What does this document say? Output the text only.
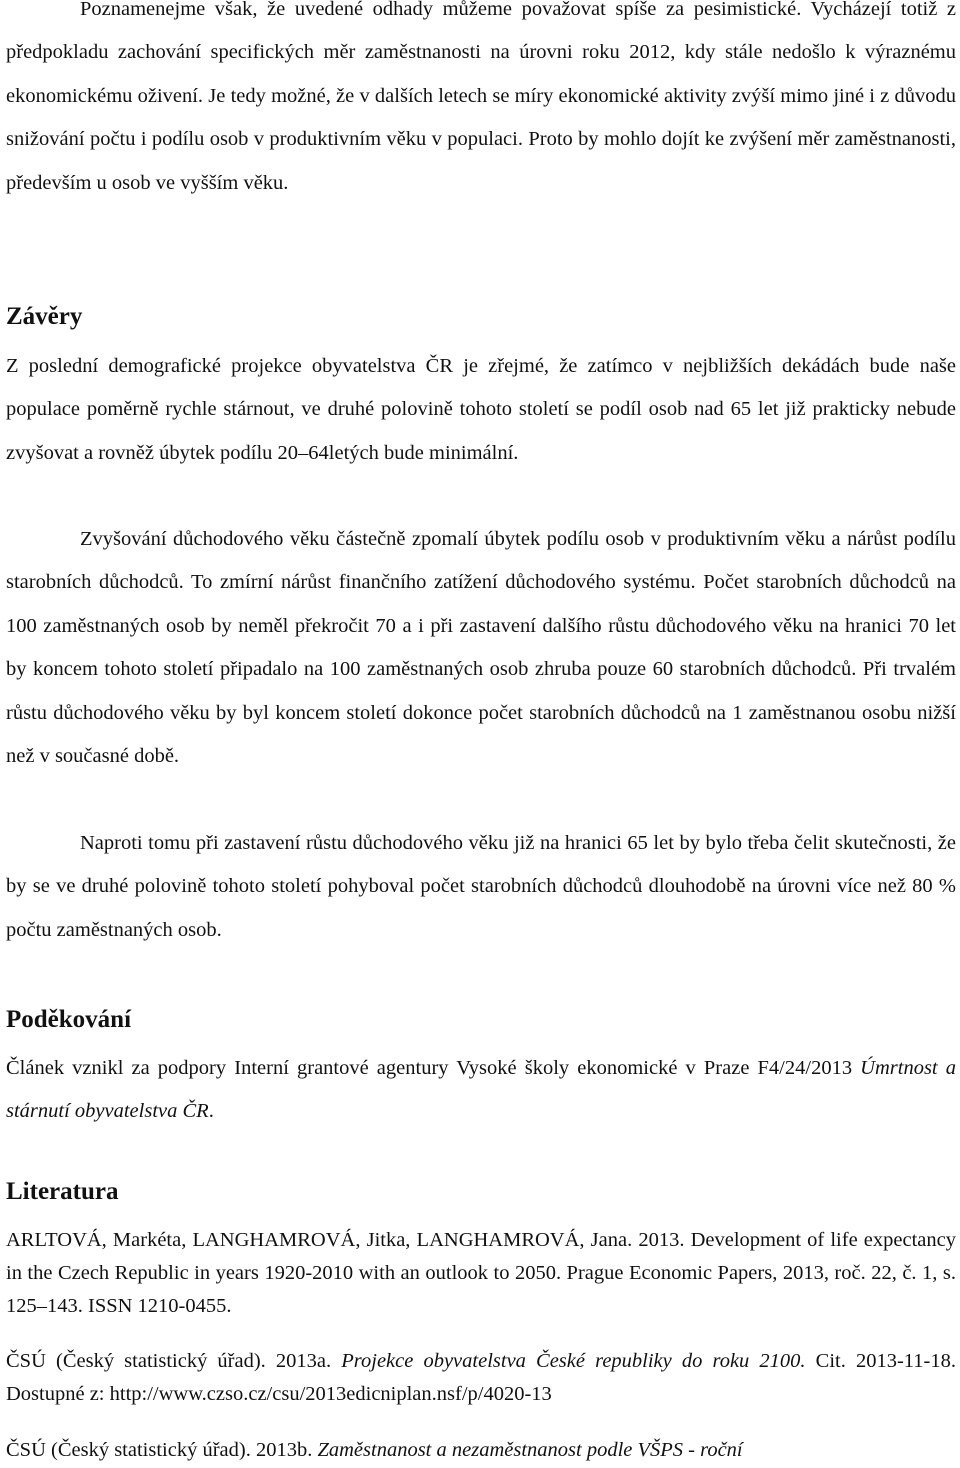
Poznamenejme však, že uvedené odhady můžeme považovat spíše za pesimistické. Vycházejí totiž z předpokladu zachování specifických měr zaměstnanosti na úrovni roku 2012, kdy stále nedošlo k výraznému ekonomickému oživení. Je tedy možné, že v dalších letech se míry ekonomické aktivity zvýší mimo jiné i z důvodu snižování počtu i podílu osob v produktivním věku v populaci. Proto by mohlo dojít ke zvýšení měr zaměstnanosti, především u osob ve vyšším věku.

Závěry

Z poslední demografické projekce obyvatelstva ČR je zřejmé, že zatímco v nejbližších dekádách bude naše populace poměrně rychle stárnout, ve druhé polovině tohoto století se podíl osob nad 65 let již prakticky nebude zvyšovat a rovněž úbytek podílu 20–64letých bude minimální.

Zvyšování důchodového věku částečně zpomalí úbytek podílu osob v produktivním věku a nárůst podílu starobních důchodců. To zmírní nárůst finančního zatížení důchodového systému. Počet starobních důchodců na 100 zaměstnaných osob by neměl překročit 70 a i při zastavení dalšího růstu důchodového věku na hranici 70 let by koncem tohoto století připadalo na 100 zaměstnaných osob zhruba pouze 60 starobních důchodců. Při trvalém růstu důchodového věku by byl koncem století dokonce počet starobních důchodců na 1 zaměstnanou osobu nižší než v současné době.

Naproti tomu při zastavení růstu důchodového věku již na hranici 65 let by bylo třeba čelit skutečnosti, že by se ve druhé polovině tohoto století pohyboval počet starobních důchodců dlouhodobě na úrovni více než 80 % počtu zaměstnaných osob.

Poděkování

Článek vznikl za podpory Interní grantové agentury Vysoké školy ekonomické v Praze F4/24/2013 Úmrtnost a stárnutí obyvatelstva ČR.

Literatura

ARLTOVÁ, Markéta, LANGHAMROVÁ, Jitka, LANGHAMROVÁ, Jana. 2013. Development of life expectancy in the Czech Republic in years 1920-2010 with an outlook to 2050. Prague Economic Papers, 2013, roč. 22, č. 1, s. 125–143. ISSN 1210-0455.

ČSÚ (Český statistický úřad). 2013a. Projekce obyvatelstva České republiky do roku 2100. Cit. 2013-11-18. Dostupné z: http://www.czso.cz/csu/2013edicniplan.nsf/p/4020-13

ČSÚ (Český statistický úřad). 2013b. Zaměstnanost a nezaměstnanost podle VŠPS - roční
